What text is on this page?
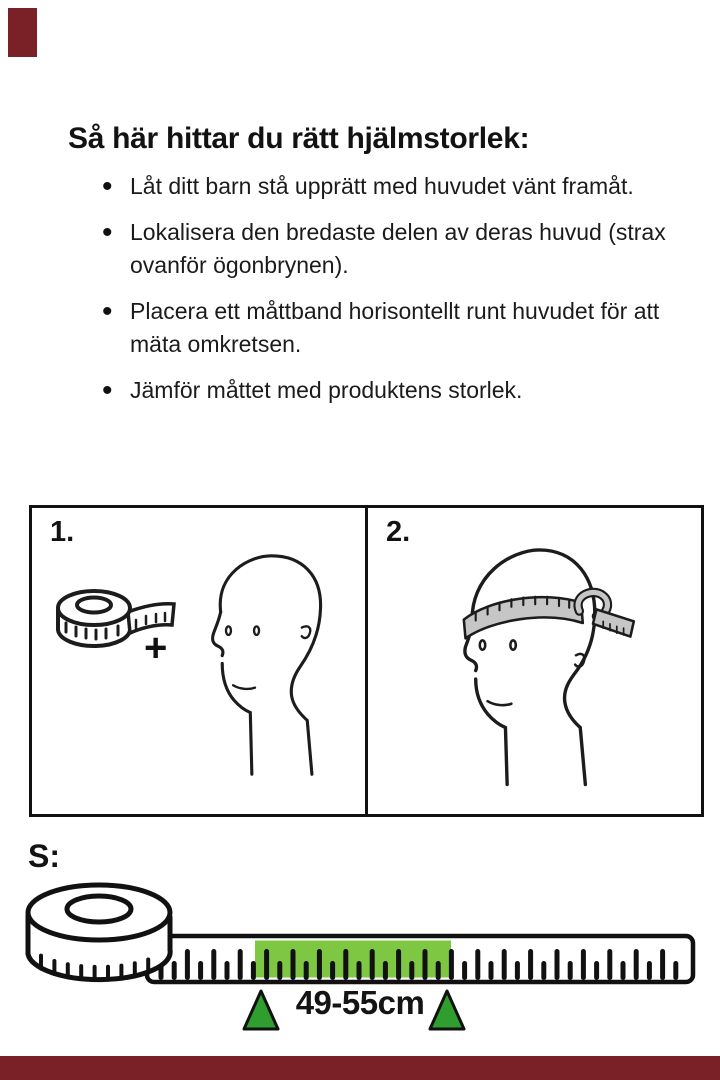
Så här hittar du rätt hjälmstorlek:
• Låt ditt barn stå upprätt med huvudet vänt framåt.
• Lokalisera den bredaste delen av deras huvud (strax ovanför ögonbrynen).
• Placera ett måttband horisontellt runt huvudet för att mäta omkretsen.
• Jämför måttet med produktens storlek.
1.
+
2.
S:
49-55cm
